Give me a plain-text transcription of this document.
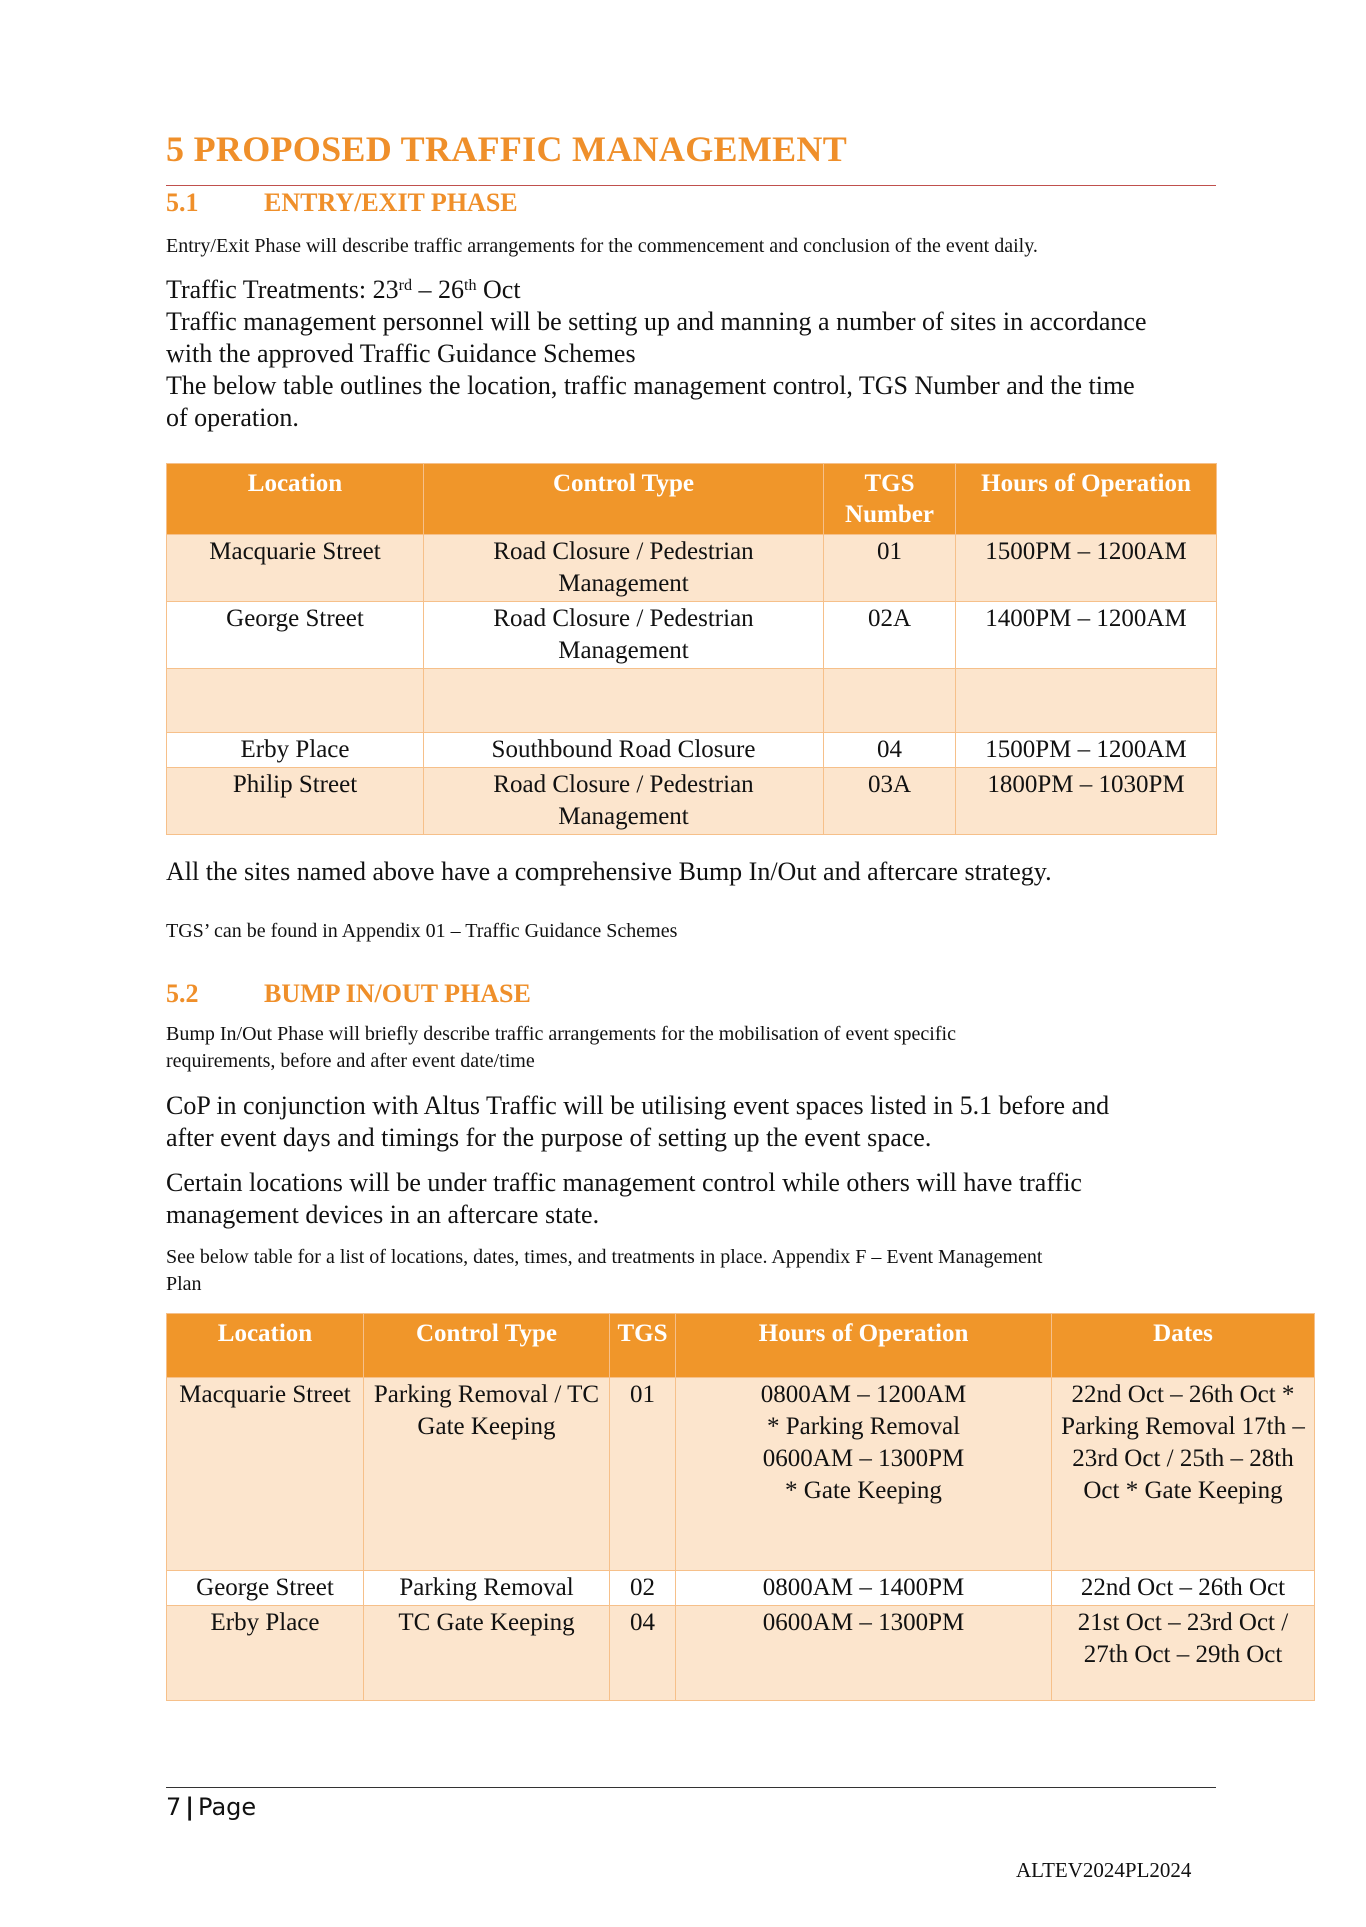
5 PROPOSED TRAFFIC MANAGEMENT
5.1	ENTRY/EXIT PHASE
Entry/Exit Phase will describe traffic arrangements for the commencement and conclusion of the event daily.
Traffic Treatments: 23rd – 26th Oct
Traffic management personnel will be setting up and manning a number of sites in accordance
with the approved Traffic Guidance Schemes
The below table outlines the location, traffic management control, TGS Number and the time
of operation.
Location	Control Type	TGS Number	Hours of Operation
Macquarie Street	Road Closure / Pedestrian Management	01	1500PM – 1200AM
George Street	Road Closure / Pedestrian Management	02A	1400PM – 1200AM

Erby Place	Southbound Road Closure	04	1500PM – 1200AM
Philip Street	Road Closure / Pedestrian Management	03A	1800PM – 1030PM
All the sites named above have a comprehensive Bump In/Out and aftercare strategy.
TGS’ can be found in Appendix 01 – Traffic Guidance Schemes
5.2	BUMP IN/OUT PHASE
Bump In/Out Phase will briefly describe traffic arrangements for the mobilisation of event specific
requirements, before and after event date/time
CoP in conjunction with Altus Traffic will be utilising event spaces listed in 5.1 before and
after event days and timings for the purpose of setting up the event space.
Certain locations will be under traffic management control while others will have traffic
management devices in an aftercare state.
See below table for a list of locations, dates, times, and treatments in place. Appendix F – Event Management
Plan
Location	Control Type	TGS	Hours of Operation	Dates
Macquarie Street	Parking Removal / TC Gate Keeping	01	0800AM – 1200AM
* Parking Removal
0600AM – 1300PM
* Gate Keeping	22nd Oct – 26th Oct * Parking Removal 17th – 23rd Oct / 25th – 28th Oct * Gate Keeping
George Street	Parking Removal	02	0800AM – 1400PM	22nd Oct – 26th Oct
Erby Place	TC Gate Keeping	04	0600AM – 1300PM	21st Oct – 23rd Oct / 27th Oct – 29th Oct
7 | Page
ALTEV2024PL2024
